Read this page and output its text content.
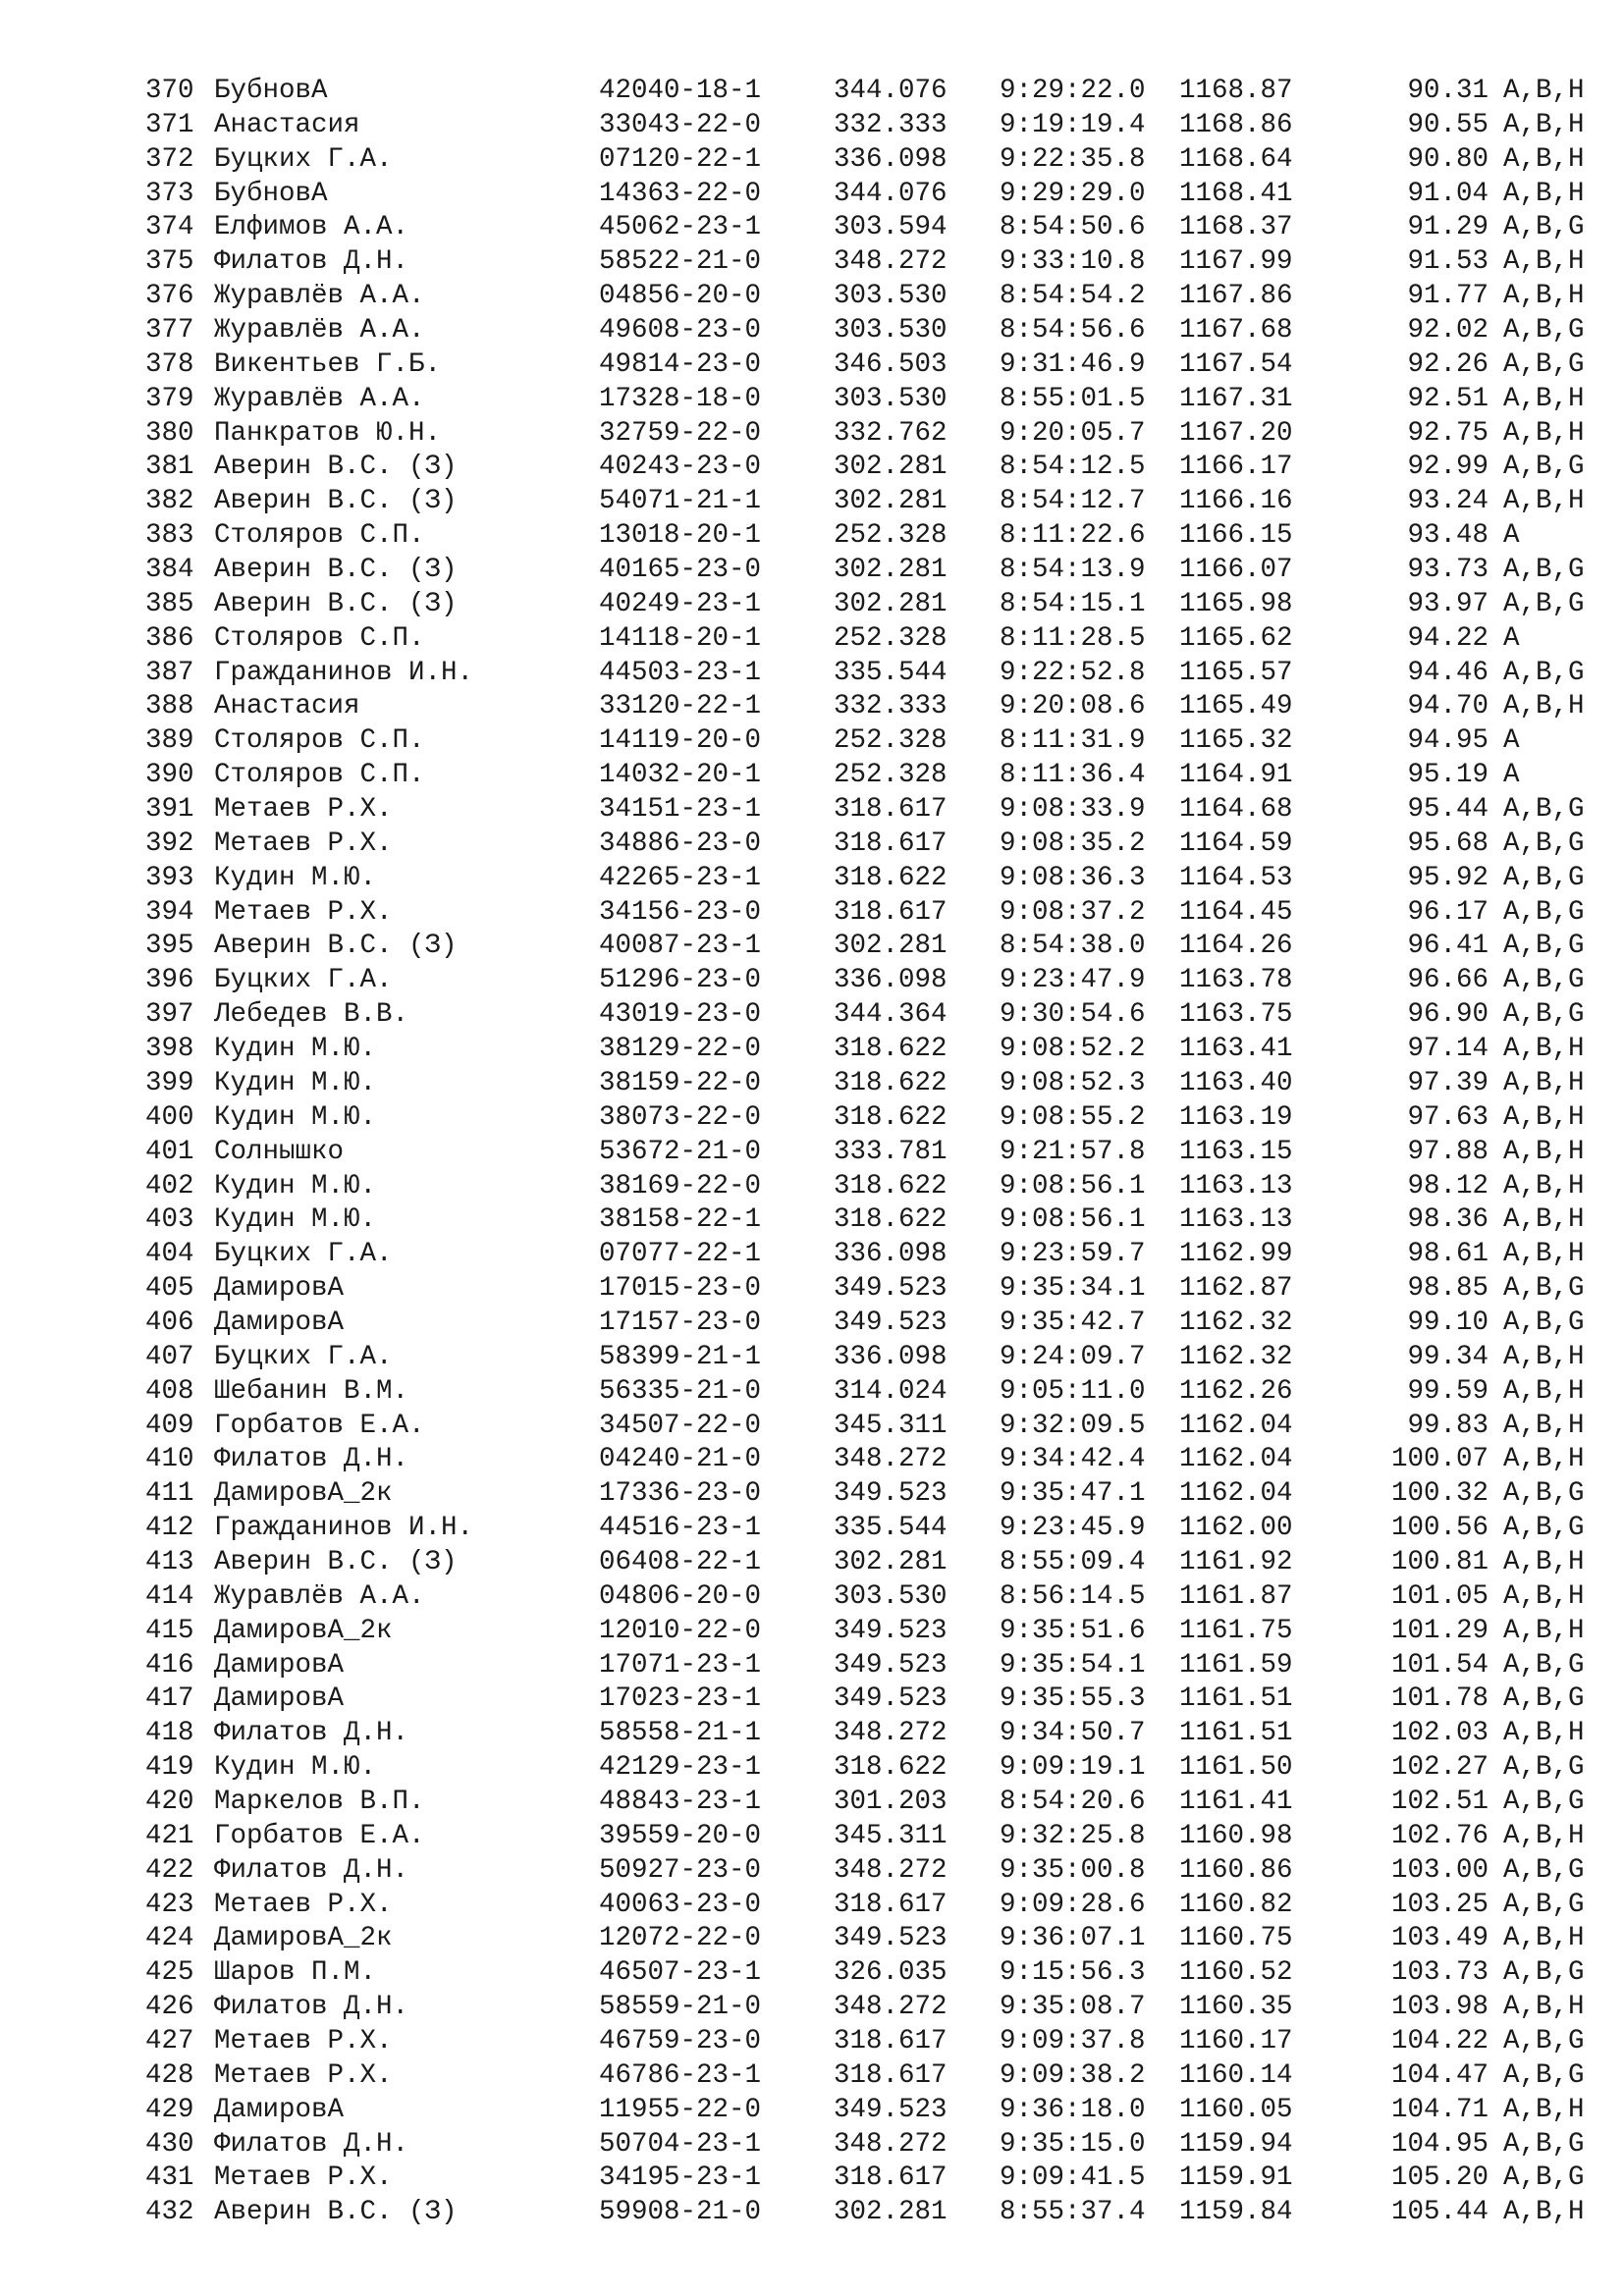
370 БубновА	42040-18-1	344.076 9:29:22.0 1168.87	90.31 A,B,H
371 Анастасия	33043-22-0	332.333 9:19:19.4 1168.86	90.55 A,B,H
372 Буцких Г.А.	07120-22-1	336.098 9:22:35.8 1168.64	90.80 A,B,H
373 БубновА	14363-22-0	344.076 9:29:29.0 1168.41	91.04 A,B,H
374 Елфимов А.А.	45062-23-1	303.594 8:54:50.6 1168.37	91.29 A,B,G
375 Филатов Д.Н.	58522-21-0	348.272 9:33:10.8 1167.99	91.53 A,B,H
376 Журавлёв А.А.	04856-20-0	303.530 8:54:54.2 1167.86	91.77 A,B,H
377 Журавлёв А.А.	49608-23-0	303.530 8:54:56.6 1167.68	92.02 A,B,G
378 Викентьев Г.Б.	49814-23-0	346.503 9:31:46.9 1167.54	92.26 A,B,G
379 Журавлёв А.А.	17328-18-0	303.530 8:55:01.5 1167.31	92.51 A,B,H
380 Панкратов Ю.Н.	32759-22-0	332.762 9:20:05.7 1167.20	92.75 A,B,H
381 Аверин В.С. (З)	40243-23-0	302.281 8:54:12.5 1166.17	92.99 A,B,G
382 Аверин В.С. (З)	54071-21-1	302.281 8:54:12.7 1166.16	93.24 A,B,H
383 Столяров С.П.	13018-20-1	252.328 8:11:22.6 1166.15	93.48 A
384 Аверин В.С. (З)	40165-23-0	302.281 8:54:13.9 1166.07	93.73 A,B,G
385 Аверин В.С. (З)	40249-23-1	302.281 8:54:15.1 1165.98	93.97 A,B,G
386 Столяров С.П.	14118-20-1	252.328 8:11:28.5 1165.62	94.22 A
387 Гражданинов И.Н.	44503-23-1	335.544 9:22:52.8 1165.57	94.46 A,B,G
388 Анастасия	33120-22-1	332.333 9:20:08.6 1165.49	94.70 A,B,H
389 Столяров С.П.	14119-20-0	252.328 8:11:31.9 1165.32	94.95 A
390 Столяров С.П.	14032-20-1	252.328 8:11:36.4 1164.91	95.19 A
391 Метаев Р.Х.	34151-23-1	318.617 9:08:33.9 1164.68	95.44 A,B,G
392 Метаев Р.Х.	34886-23-0	318.617 9:08:35.2 1164.59	95.68 A,B,G
393 Кудин М.Ю.	42265-23-1	318.622 9:08:36.3 1164.53	95.92 A,B,G
394 Метаев Р.Х.	34156-23-0	318.617 9:08:37.2 1164.45	96.17 A,B,G
395 Аверин В.С. (З)	40087-23-1	302.281 8:54:38.0 1164.26	96.41 A,B,G
396 Буцких Г.А.	51296-23-0	336.098 9:23:47.9 1163.78	96.66 A,B,G
397 Лебедев В.В.	43019-23-0	344.364 9:30:54.6 1163.75	96.90 A,B,G
398 Кудин М.Ю.	38129-22-0	318.622 9:08:52.2 1163.41	97.14 A,B,H
399 Кудин М.Ю.	38159-22-0	318.622 9:08:52.3 1163.40	97.39 A,B,H
400 Кудин М.Ю.	38073-22-0	318.622 9:08:55.2 1163.19	97.63 A,B,H
401 Солнышко	53672-21-0	333.781 9:21:57.8 1163.15	97.88 A,B,H
402 Кудин М.Ю.	38169-22-0	318.622 9:08:56.1 1163.13	98.12 A,B,H
403 Кудин М.Ю.	38158-22-1	318.622 9:08:56.1 1163.13	98.36 A,B,H
404 Буцких Г.А.	07077-22-1	336.098 9:23:59.7 1162.99	98.61 A,B,H
405 ДамировА	17015-23-0	349.523 9:35:34.1 1162.87	98.85 A,B,G
406 ДамировА	17157-23-0	349.523 9:35:42.7 1162.32	99.10 A,B,G
407 Буцких Г.А.	58399-21-1	336.098 9:24:09.7 1162.32	99.34 A,B,H
408 Шебанин В.М.	56335-21-0	314.024 9:05:11.0 1162.26	99.59 A,B,H
409 Горбатов Е.А.	34507-22-0	345.311 9:32:09.5 1162.04	99.83 A,B,H
410 Филатов Д.Н.	04240-21-0	348.272 9:34:42.4 1162.04	100.07 A,B,H
411 ДамировА_2к	17336-23-0	349.523 9:35:47.1 1162.04	100.32 A,B,G
412 Гражданинов И.Н.	44516-23-1	335.544 9:23:45.9 1162.00	100.56 A,B,G
413 Аверин В.С. (З)	06408-22-1	302.281 8:55:09.4 1161.92	100.81 A,B,H
414 Журавлёв А.А.	04806-20-0	303.530 8:56:14.5 1161.87	101.05 A,B,H
415 ДамировА_2к	12010-22-0	349.523 9:35:51.6 1161.75	101.29 A,B,H
416 ДамировА	17071-23-1	349.523 9:35:54.1 1161.59	101.54 A,B,G
417 ДамировА	17023-23-1	349.523 9:35:55.3 1161.51	101.78 A,B,G
418 Филатов Д.Н.	58558-21-1	348.272 9:34:50.7 1161.51	102.03 A,B,H
419 Кудин М.Ю.	42129-23-1	318.622 9:09:19.1 1161.50	102.27 A,B,G
420 Маркелов В.П.	48843-23-1	301.203 8:54:20.6 1161.41	102.51 A,B,G
421 Горбатов Е.А.	39559-20-0	345.311 9:32:25.8 1160.98	102.76 A,B,H
422 Филатов Д.Н.	50927-23-0	348.272 9:35:00.8 1160.86	103.00 A,B,G
423 Метаев Р.Х.	40063-23-0	318.617 9:09:28.6 1160.82	103.25 A,B,G
424 ДамировА_2к	12072-22-0	349.523 9:36:07.1 1160.75	103.49 A,B,H
425 Шаров П.М.	46507-23-1	326.035 9:15:56.3 1160.52	103.73 A,B,G
426 Филатов Д.Н.	58559-21-0	348.272 9:35:08.7 1160.35	103.98 A,B,H
427 Метаев Р.Х.	46759-23-0	318.617 9:09:37.8 1160.17	104.22 A,B,G
428 Метаев Р.Х.	46786-23-1	318.617 9:09:38.2 1160.14	104.47 A,B,G
429 ДамировА	11955-22-0	349.523 9:36:18.0 1160.05	104.71 A,B,H
430 Филатов Д.Н.	50704-23-1	348.272 9:35:15.0 1159.94	104.95 A,B,G
431 Метаев Р.Х.	34195-23-1	318.617 9:09:41.5 1159.91	105.20 A,B,G
432 Аверин В.С. (З)	59908-21-0	302.281 8:55:37.4 1159.84	105.44 A,B,H
